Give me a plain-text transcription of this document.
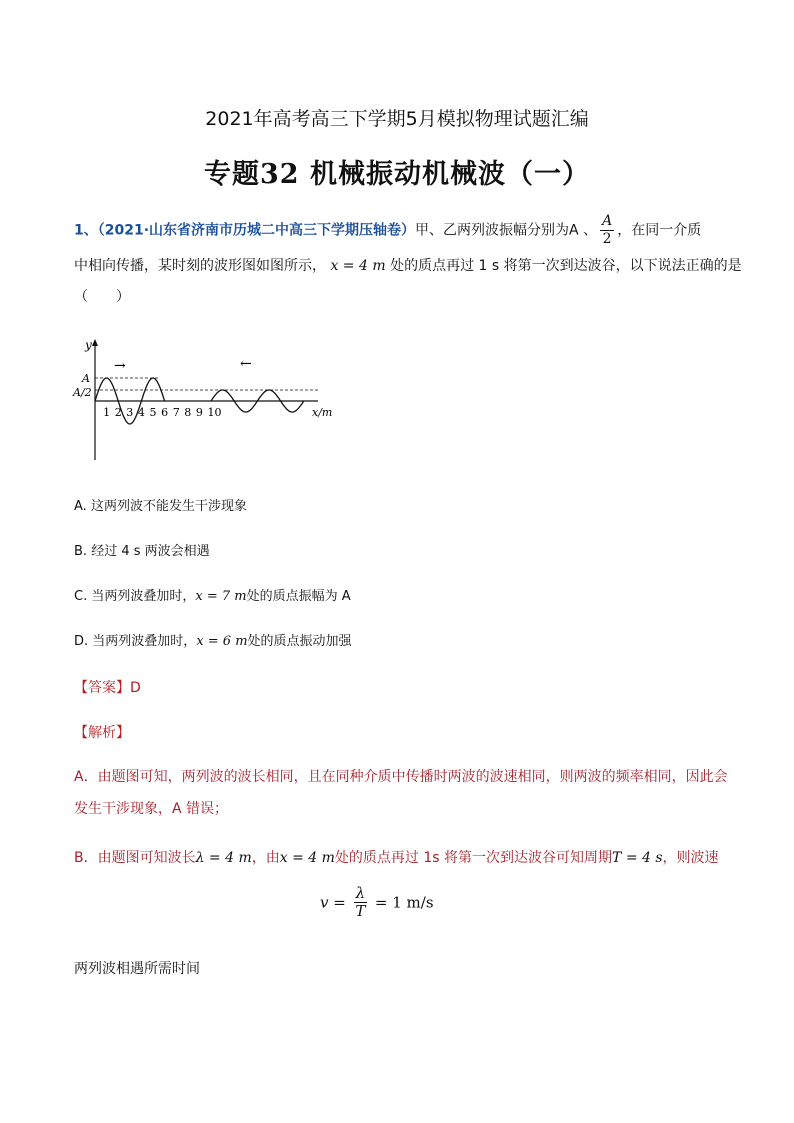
2021年高考高三下学期5月模拟物理试题汇编
专题32 机械振动机械波（一）
1、（2021·山东省济南市历城二中高三下学期压轴卷）甲、乙两列波振幅分别为A 、 $\frac{A}{2}$ ，在同一介质
中相向传播，某时刻的波形图如图所示， x = 4 m 处的质点再过 1 s 将第一次到达波谷，以下说法正确的是
（　　）
y
A
A/2
x/m
→	←
1 2 3 4 5 6 7 8 9 10
A. 这两列波不能发生干涉现象
B. 经过 4 s 两波会相遇
C. 当两列波叠加时，x = 7 m处的质点振幅为 A
D. 当两列波叠加时，x = 6 m处的质点振动加强
【答案】D
【解析】
A．由题图可知，两列波的波长相同，且在同种介质中传播时两波的波速相同，则两波的频率相同，因此会
发生干涉现象，A 错误；
B．由题图可知波长λ = 4 m，由x = 4 m处的质点再过 1s 将第一次到达波谷可知周期T = 4 s，则波速
$v = \frac{\lambda}{T} = 1$ m/s
两列波相遇所需时间
